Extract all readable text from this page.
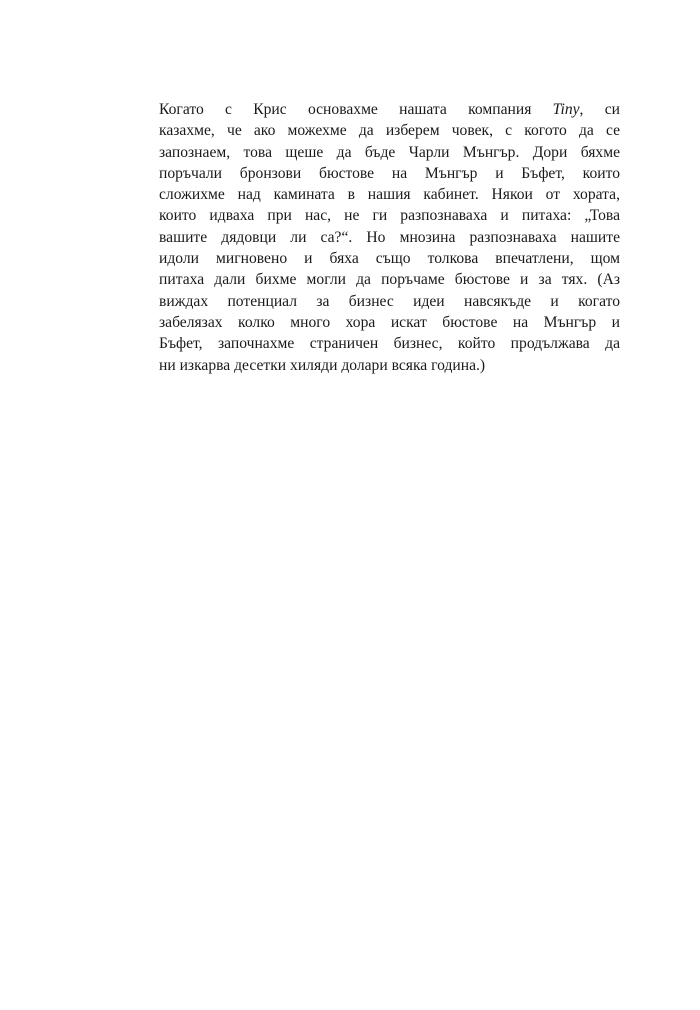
Когато с Крис основахме нашата компания Tiny, си
казахме, че ако можехме да изберем човек, с когото да се
запознаем, това щеше да бъде Чарли Мънгър. Дори бяхме
поръчали бронзови бюстове на Мънгър и Бъфет, които
сложихме над камината в нашия кабинет. Някои от хората,
които идваха при нас, не ги разпознаваха и питаха: „Това
вашите дядовци ли са?“. Но мнозина разпознаваха нашите
идоли мигновено и бяха също толкова впечатлени, щом
питаха дали бихме могли да поръчаме бюстове и за тях. (Аз
виждах потенциал за бизнес идеи навсякъде и когато
забелязах колко много хора искат бюстове на Мънгър и
Бъфет, започнахме страничен бизнес, който продължава да
ни изкарва десетки хиляди долари всяка година.)
